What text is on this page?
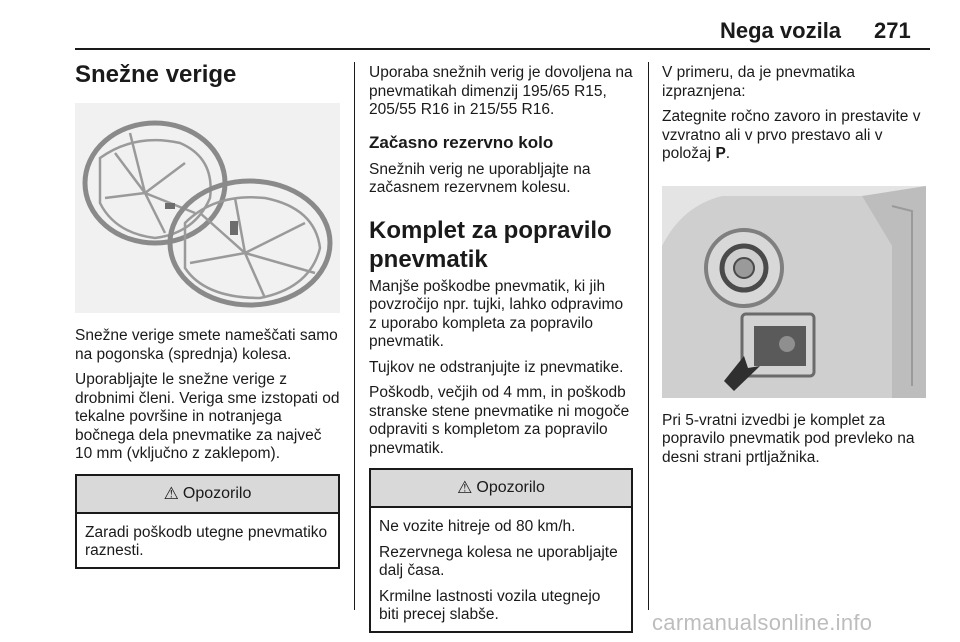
Nega vozila 271
Snežne verige

Snežne verige smete nameščati samo na pogonska (sprednja) kolesa.

Uporabljajte le snežne verige z drobnimi členi. Veriga sme izstopati od tekalne površine in notranjega bočnega dela pnevmatike za največ 10 mm (vključno z zaklepom).

⚠ Opozorilo

Zaradi poškodb utegne pnevmatiko raznesti.

Uporaba snežnih verig je dovoljena na pnevmatikah dimenzij 195/65 R15, 205/55 R16 in 215/55 R16.

Začasno rezervno kolo

Snežnih verig ne uporabljajte na začasnem rezervnem kolesu.

Komplet za popravilo pnevmatik

Manjše poškodbe pnevmatik, ki jih povzročijo npr. tujki, lahko odpravimo z uporabo kompleta za popravilo pnevmatik.

Tujkov ne odstranjujte iz pnevmatike.

Poškodb, večjih od 4 mm, in poškodb stranske stene pnevmatike ni mogoče odpraviti s kompletom za popravilo pnevmatik.

⚠ Opozorilo

Ne vozite hitreje od 80 km/h.

Rezervnega kolesa ne uporabljajte dalj časa.

Krmilne lastnosti vozila utegnejo biti precej slabše.

V primeru, da je pnevmatika izpraznjena:

Zategnite ročno zavoro in prestavite v vzvratno ali v prvo prestavo ali v položaj P.

Pri 5-vratni izvedbi je komplet za popravilo pnevmatik pod prevleko na desni strani prtljažnika.

carmanualsonline.info
